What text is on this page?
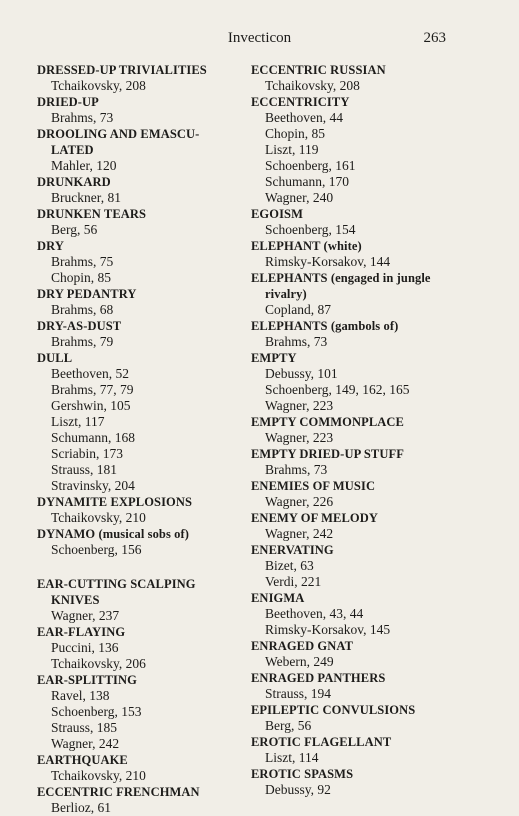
Invecticon	263
DRESSED-UP TRIVIALITIES
Tchaikovsky, 208
DRIED-UP
Brahms, 73
DROOLING AND EMASCU-
LATED
Mahler, 120
DRUNKARD
Bruckner, 81
DRUNKEN TEARS
Berg, 56
DRY
Brahms, 75
Chopin, 85
DRY PEDANTRY
Brahms, 68
DRY-AS-DUST
Brahms, 79
DULL
Beethoven, 52
Brahms, 77, 79
Gershwin, 105
Liszt, 117
Schumann, 168
Scriabin, 173
Strauss, 181
Stravinsky, 204
DYNAMITE EXPLOSIONS
Tchaikovsky, 210
DYNAMO (musical sobs of)
Schoenberg, 156
EAR-CUTTING SCALPING
KNIVES
Wagner, 237
EAR-FLAYING
Puccini, 136
Tchaikovsky, 206
EAR-SPLITTING
Ravel, 138
Schoenberg, 153
Strauss, 185
Wagner, 242
EARTHQUAKE
Tchaikovsky, 210
ECCENTRIC FRENCHMAN
Berlioz, 61
ECCENTRIC RUSSIAN
Tchaikovsky, 208
ECCENTRICITY
Beethoven, 44
Chopin, 85
Liszt, 119
Schoenberg, 161
Schumann, 170
Wagner, 240
EGOISM
Schoenberg, 154
ELEPHANT (white)
Rimsky-Korsakov, 144
ELEPHANTS (engaged in jungle
rivalry)
Copland, 87
ELEPHANTS (gambols of)
Brahms, 73
EMPTY
Debussy, 101
Schoenberg, 149, 162, 165
Wagner, 223
EMPTY COMMONPLACE
Wagner, 223
EMPTY DRIED-UP STUFF
Brahms, 73
ENEMIES OF MUSIC
Wagner, 226
ENEMY OF MELODY
Wagner, 242
ENERVATING
Bizet, 63
Verdi, 221
ENIGMA
Beethoven, 43, 44
Rimsky-Korsakov, 145
ENRAGED GNAT
Webern, 249
ENRAGED PANTHERS
Strauss, 194
EPILEPTIC CONVULSIONS
Berg, 56
EROTIC FLAGELLANT
Liszt, 114
EROTIC SPASMS
Debussy, 92
